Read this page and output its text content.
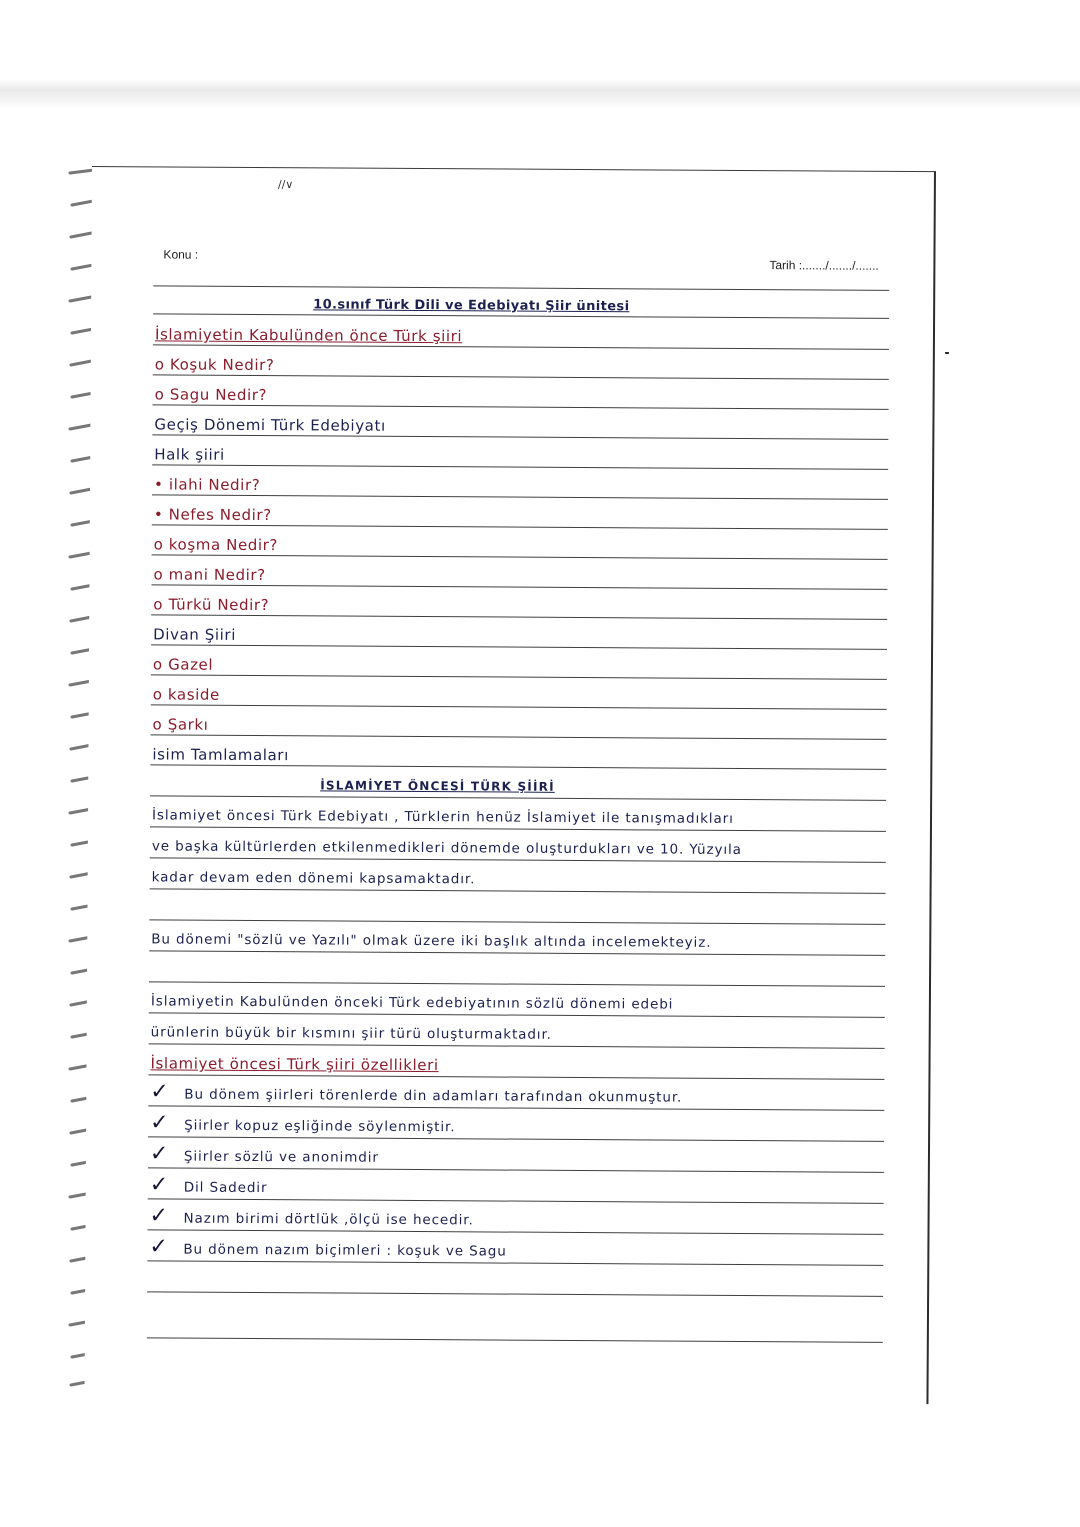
//∨
Konu :
Tarih :......./......./.......
10.sınıf Türk Dili ve Edebiyatı Şiir ünitesi
İslamiyetin Kabulünden önce Türk şiiri
o Koşuk Nedir?
o Sagu Nedir?
Geçiş Dönemi Türk Edebiyatı
Halk şiiri
• ilahi Nedir?
• Nefes Nedir?
o koşma Nedir?
o mani Nedir?
o Türkü Nedir?
Divan Şiiri
o Gazel
o kaside
o Şarkı
isim Tamlamaları
İSLAMİYET ÖNCESİ TÜRK ŞİİRİ
İslamiyet öncesi Türk Edebiyatı , Türklerin henüz İslamiyet ile tanışmadıkları
ve başka kültürlerden etkilenmedikleri dönemde oluşturdukları ve 10. Yüzyıla
kadar devam eden dönemi kapsamaktadır.
Bu dönemi "sözlü ve Yazılı" olmak üzere iki başlık altında incelemekteyiz.
İslamiyetin Kabulünden önceki Türk edebiyatının sözlü dönemi edebi
ürünlerin büyük bir kısmını şiir türü oluşturmaktadır.
İslamiyet öncesi Türk şiiri özellikleri
✓ Bu dönem şiirleri törenlerde din adamları tarafından okunmuştur.
✓ Şiirler kopuz eşliğinde söylenmiştir.
✓ Şiirler sözlü ve anonimdir
✓ Dil Sadedir
✓ Nazım birimi dörtlük ,ölçü ise hecedir.
✓ Bu dönem nazım biçimleri : koşuk ve Sagu
